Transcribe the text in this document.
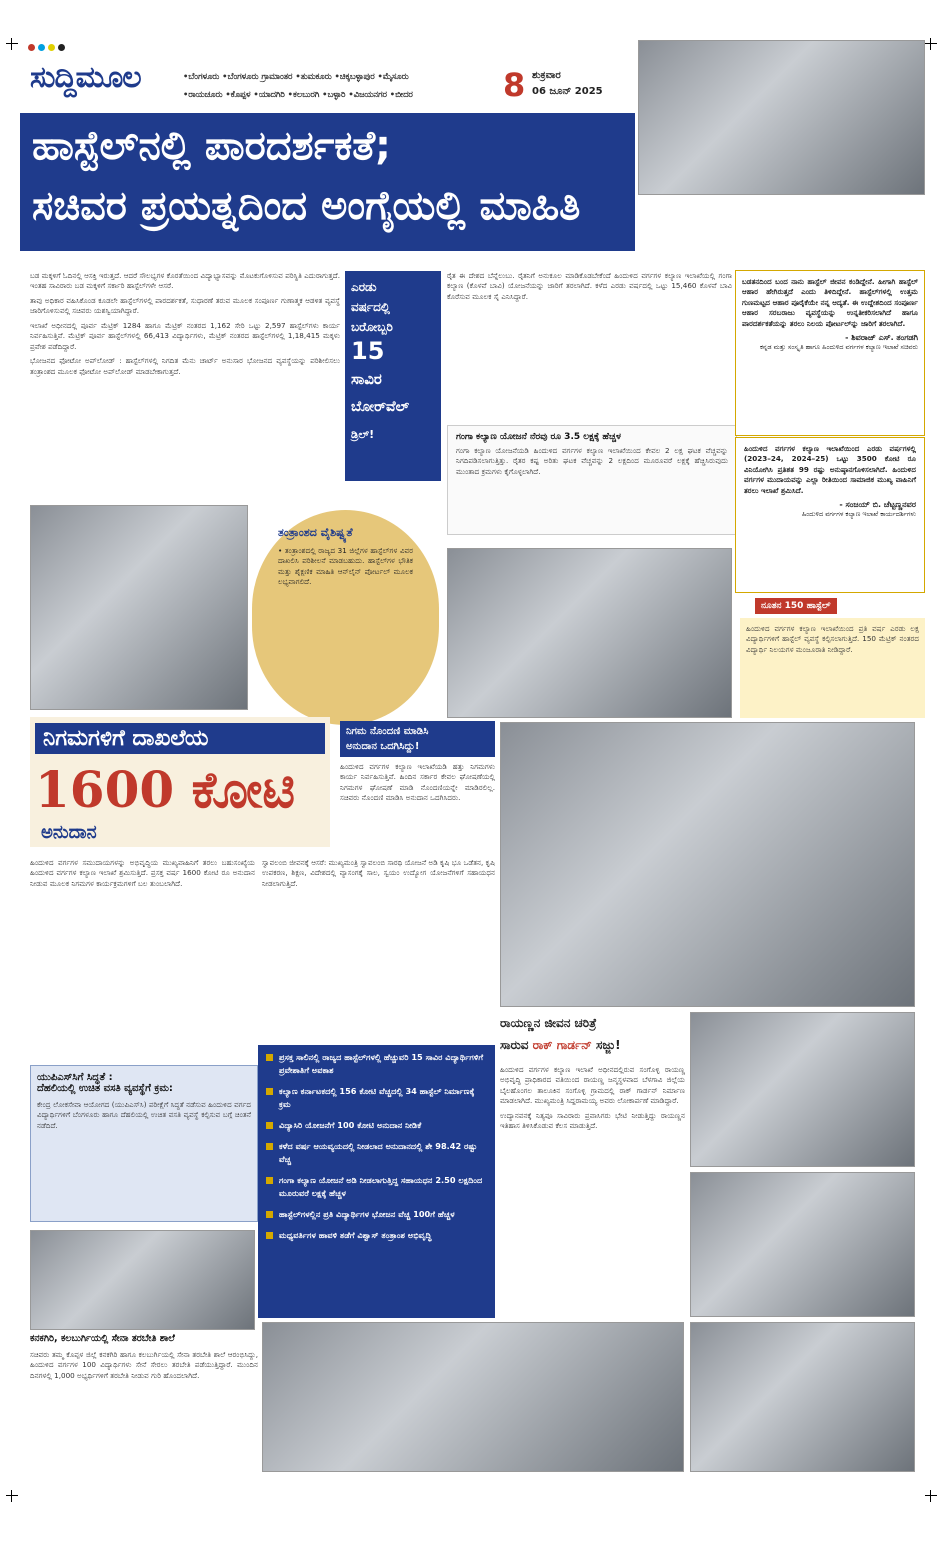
ಸುದ್ದಿಮೂಲ	•ಬೆಂಗಳೂರು •ಬೆಂಗಳೂರು ಗ್ರಾಮಾಂತರ •ತುಮಕೂರು •ಚಿಕ್ಕಬಳ್ಳಾಪುರ •ಮೈಸೂರು
•ರಾಯಚೂರು •ಕೊಪ್ಪಳ •ಯಾದಗಿರಿ •ಕಲಬುರಗಿ •ಬಳ್ಳಾರಿ •ವಿಜಯನಗರ •ಬೀದರ	8 ಶುಕ್ರವಾರ
06 ಜೂನ್ 2025
ಹಾಸ್ಟೆಲ್‌ನಲ್ಲಿ ಪಾರದರ್ಶಕತೆ;
ಸಚಿವರ ಪ್ರಯತ್ನದಿಂದ ಅಂಗೈಯಲ್ಲಿ ಮಾಹಿತಿ

ಬಡ ಮಕ್ಕಳಿಗೆ ಓದಿನಲ್ಲಿ ಆಸಕ್ತಿ ಇರುತ್ತದೆ. ಆದರೆ ಸೌಲಭ್ಯಗಳ ಕೊರತೆಯಿಂದ ವಿದ್ಯಾಭ್ಯಾಸವನ್ನು ಮೊಟಕುಗೊಳಿಸುವ ಪರಿಸ್ಥಿತಿ ಎದುರಾಗುತ್ತದೆ. ಇಂತಹ ಸಾವಿರಾರು ಬಡ ಮಕ್ಕಳಿಗೆ ಸರ್ಕಾರಿ ಹಾಸ್ಟೆಲ್‌ಗಳೇ ಆಸರೆ.

ತಾವು ಅಧಿಕಾರ ವಹಿಸಿಕೊಂಡ ಕೂಡಲೇ ಹಾಸ್ಟೆಲ್‌ಗಳಲ್ಲಿ ಪಾರದರ್ಶಕತೆ, ಸುಧಾರಣೆ ತರುವ ಮೂಲಕ ಸಂಪೂರ್ಣ ಗುಣಾತ್ಮಕ ಆಡಳಿತ ವ್ಯವಸ್ಥೆ ಜಾರಿಗೊಳಿಸುವಲ್ಲಿ ಸಚಿವರು ಯಶಸ್ವಿಯಾಗಿದ್ದಾರೆ.

ಇಲಾಖೆ ಅಧೀನದಲ್ಲಿ ಪೂರ್ವ ಮೆಟ್ರಿಕ್ 1284 ಹಾಗೂ ಮೆಟ್ರಿಕ್ ನಂತರದ 1,162 ಸೇರಿ ಒಟ್ಟು 2,597 ಹಾಸ್ಟೆಲ್‌ಗಳು ಕಾರ್ಯ ನಿರ್ವಹಿಸುತ್ತಿವೆ. ಮೆಟ್ರಿಕ್ ಪೂರ್ವ ಹಾಸ್ಟೆಲ್‌ಗಳಲ್ಲಿ 66,413 ವಿದ್ಯಾರ್ಥಿಗಳು, ಮೆಟ್ರಿಕ್ ನಂತರದ ಹಾಸ್ಟೆಲ್‌ಗಳಲ್ಲಿ 1,18,415 ಮಕ್ಕಳು ಪ್ರವೇಶ ಪಡೆದಿದ್ದಾರೆ.

ಭೋಜನದ ಫೋಟೋ ಅಪ್‌ಲೋಡ್ : ಹಾಸ್ಟೆಲ್‌ಗಳಲ್ಲಿ ನಿಗದಿತ ಮೆನು ಚಾರ್ಟ್ ಅನುಸಾರ ಭೋಜನದ ವ್ಯವಸ್ಥೆಯನ್ನು ಪರಿಶೀಲಿಸಲು ತಂತ್ರಾಂಶದ ಮೂಲಕ ಫೋಟೋ ಅಪ್‌ಲೋಡ್ ಮಾಡಬೇಕಾಗುತ್ತದೆ.

ಎರಡು
ವರ್ಷದಲ್ಲಿ
ಬರೋಬ್ಬರಿ
15
ಸಾವಿರ
ಬೋರ್‌ವೆಲ್
ಡ್ರಿಲ್!
ರೈತ ಈ ದೇಶದ ಬೆನ್ನೆಲುಬು. ರೈತನಿಗೆ ಅನುಕೂಲ ಮಾಡಿಕೊಡಬೇಕೆಂದೆ ಹಿಂದುಳಿದ ವರ್ಗಗಳ ಕಲ್ಯಾಣ ಇಲಾಖೆಯಲ್ಲಿ ಗಂಗಾ ಕಲ್ಯಾಣ (ಕೊಳವೆ ಬಾವಿ) ಯೋಜನೆಯನ್ನು ಜಾರಿಗೆ ತರಲಾಗಿದೆ. ಕಳೆದ ಎರಡು ವರ್ಷದಲ್ಲಿ ಒಟ್ಟು 15,460 ಕೊಳವೆ ಬಾವಿ ಕೊರೆಸುವ ಮೂಲಕ ಸೈ ಎನಿಸಿದ್ದಾರೆ.
ಗಂಗಾ ಕಲ್ಯಾಣ ಯೋಜನೆ ನೆರವು ರೂ 3.5 ಲಕ್ಷಕ್ಕೆ ಹೆಚ್ಚಳ
ಗಂಗಾ ಕಲ್ಯಾಣ ಯೋಜನೆಯಡಿ ಹಿಂದುಳಿದ ವರ್ಗಗಳ ಕಲ್ಯಾಣ ಇಲಾಖೆಯಿಂದ ಕೇವಲ 2 ಲಕ್ಷ ಘಟಕ ವೆಚ್ಚವನ್ನು ನಿಗದಿಪಡಿಸಲಾಗುತ್ತಿತ್ತು. ರೈತರ ಕಷ್ಟ ಅರಿತು ಘಟಕ ವೆಚ್ಚವನ್ನು 2 ಲಕ್ಷದಿಂದ ಮೂರೂವರೆ ಲಕ್ಷಕ್ಕೆ ಹೆಚ್ಚಿಸಿರುವುದು ಮುಂತಾದ ಕ್ರಮಗಳು ಕೈಗೊಳ್ಳಲಾಗಿದೆ.

ಬಡತನದಿಂದ ಬಂದ ನಾನು ಹಾಸ್ಟೆಲ್ ಜೀವನ ಕಂಡಿದ್ದೇನೆ. ಹೀಗಾಗಿ ಹಾಸ್ಟೆಲ್ ಆಹಾರ ಹೇಗಿರುತ್ತದೆ ಎಂದು ತಿಳಿದಿದ್ದೇನೆ. ಹಾಸ್ಟೆಲ್‌ಗಳಲ್ಲಿ ಉತ್ತಮ ಗುಣಮಟ್ಟದ ಆಹಾರ ಪೂರೈಕೆಯೇ ನನ್ನ ಆದ್ಯತೆ. ಈ ಉದ್ದೇಶದಿಂದ ಸಂಪೂರ್ಣ ಆಹಾರ ಸರಬರಾಜು ವ್ಯವಸ್ಥೆಯನ್ನು ಉನ್ನತೀಕರಿಸಲಾಗಿದೆ ಹಾಗೂ ಪಾರದರ್ಶಕತೆಯನ್ನು ತರಲು ನಿಲಯ ಪೋರ್ಟಲ್‌ನ್ನು ಜಾರಿಗೆ ತರಲಾಗಿದೆ.

- ಶಿವರಾಜ್ ಎಸ್. ತಂಗಡಗಿ

ಕನ್ನಡ ಮತ್ತು ಸಂಸ್ಕೃತಿ ಹಾಗೂ ಹಿಂದುಳಿದ ವರ್ಗಗಳ ಕಲ್ಯಾಣ ಇಲಾಖೆ ಸಚಿವರು

ಹಿಂದುಳಿದ ವರ್ಗಗಳ ಕಲ್ಯಾಣ ಇಲಾಖೆಯಿಂದ ಎರಡು ವರ್ಷಗಳಲ್ಲಿ (2023–24, 2024–25) ಒಟ್ಟು 3500 ಕೋಟಿ ರೂ ವಿನಿಯೋಗಿಸಿ ಪ್ರತಿಶತ 99 ರಷ್ಟು ಅನುಷ್ಠಾನಗೊಳಿಸಲಾಗಿದೆ. ಹಿಂದುಳಿದ ವರ್ಗಗಳ ಮುದಾಯವನ್ನು ಎಲ್ಲಾ ರೀತಿಯಿಂದ ಸಾಮಾಜಿಕ ಮುಖ್ಯ ವಾಹಿನಿಗೆ ತರಲು ಇಲಾಖೆ ಶ್ರಮಿಸಿದೆ.

- ಸಂಜಯ್ ಬಿ. ಚೆಟ್ಟಣ್ಣನವರ

ಹಿಂದುಳಿದ ವರ್ಗಗಳ ಕಲ್ಯಾಣ ಇಲಾಖೆ ಕಾರ್ಯದರ್ಶಿಗಳು

ನೂತನ 150 ಹಾಸ್ಟೆಲ್
ಹಿಂದುಳಿದ ವರ್ಗಗಳ ಕಲ್ಯಾಣ ಇಲಾಖೆಯಿಂದ ಪ್ರತಿ ವರ್ಷ ಎರಡು ಲಕ್ಷ ವಿದ್ಯಾರ್ಥಿಗಳಿಗೆ ಹಾಸ್ಟೆಲ್ ವ್ಯವಸ್ಥೆ ಕಲ್ಪಿಸಲಾಗುತ್ತಿದೆ. 150 ಮೆಟ್ರಿಕ್ ನಂತರದ ವಿದ್ಯಾರ್ಥಿ ನಿಲಯಗಳ ಮಂಜೂರಾತಿ ನೀಡಿದ್ದಾರೆ.
ತಂತ್ರಾಂಶದ ವೈಶಿಷ್ಟ್ಯತೆ
• ತಂತ್ರಾಂಶದಲ್ಲಿ ರಾಜ್ಯದ 31 ಜಿಲ್ಲೆಗಳ ಹಾಸ್ಟೆಲ್‌ಗಳ ವಿವರ ದಾಖಲಿಸಿ ಪರಿಶೀಲನೆ ಮಾಡಬಹುದು. ಹಾಸ್ಟೆಲ್‌ಗಳ ಭೌತಿಕ ಮತ್ತು ಶೈಕ್ಷಣಿಕ ಮಾಹಿತಿ ಆನ್‌ಲೈನ್ ಪೋರ್ಟಲ್ ಮೂಲಕ ಲಭ್ಯವಾಗಲಿದೆ.
ನಿಗಮಗಳಿಗೆ ದಾಖಲೆಯ
1600 ಕೋಟಿ
ಅನುದಾನ
ಹಿಂದುಳಿದ ವರ್ಗಗಳ ಸಮುದಾಯಗಳನ್ನು ಅಭಿವೃದ್ಧಿಯ ಮುಖ್ಯವಾಹಿನಿಗೆ ತರಲು ಬಹುಸಂಖ್ಯೆಯ ಹಿಂದುಳಿದ ವರ್ಗಗಳ ಕಲ್ಯಾಣ ಇಲಾಖೆ ಶ್ರಮಿಸುತ್ತಿದೆ. ಪ್ರಸಕ್ತ ವರ್ಷ 1600 ಕೋಟಿ ರೂ ಅನುದಾನ ನೀಡುವ ಮೂಲಕ ನಿಗಮಗಳ ಕಾರ್ಯಕ್ರಮಗಳಿಗೆ ಬಲ ತುಂಬಲಾಗಿದೆ.
ನಿಗಮ ನೊಂದಣಿ ಮಾಡಿಸಿ
ಅನುದಾನ ಒದಗಿಸಿದ್ದು!
ಹಿಂದುಳಿದ ವರ್ಗಗಳ ಕಲ್ಯಾಣ ಇಲಾಖೆಯಡಿ ಹತ್ತು ನಿಗಮಗಳು ಕಾರ್ಯ ನಿರ್ವಹಿಸುತ್ತಿವೆ. ಹಿಂದಿನ ಸರ್ಕಾರ ಕೇವಲ ಘೋಷಣೆಯಲ್ಲಿ ನಿಗಮಗಳ ಘೋಷಣೆ ಮಾಡಿ ನೊಂದಣಿಯನ್ನೇ ಮಾಡಿರಲಿಲ್ಲ. ಸಚಿವರು ನೊಂದಣಿ ಮಾಡಿಸಿ ಅನುದಾನ ಒದಗಿಸಿದರು.
ಸ್ವಾವಲಂಬಿ ಜೀವನಕ್ಕೆ ಆಸರೆ: ಮುಖ್ಯಮಂತ್ರಿ ಸ್ವಾವಲಂಬಿ ಸಾರಥಿ ಯೋಜನೆ ಅಡಿ ಕೃಷಿ ಭೂ ಒಡೆತನ, ಕೃಷಿ ಉಪಕರಣ, ಶಿಕ್ಷಣ, ವಿದೇಶದಲ್ಲಿ ವ್ಯಾಸಂಗಕ್ಕೆ ಸಾಲ, ಸ್ವಯಂ ಉದ್ಯೋಗ ಯೋಜನೆಗಳಿಗೆ ಸಹಾಯಧನ ನೀಡಲಾಗುತ್ತಿದೆ.
ರಾಯಣ್ಣನ ಜೀವನ ಚರಿತ್ರೆ
ಸಾರುವ ರಾಕ್ ಗಾರ್ಡನ್ ಸಜ್ಜು!

ಹಿಂದುಳಿದ ವರ್ಗಗಳ ಕಲ್ಯಾಣ ಇಲಾಖೆ ಅಧೀನದಲ್ಲಿರುವ ಸಂಗೊಳ್ಳಿ ರಾಯಣ್ಣ ಅಭಿವೃದ್ಧಿ ಪ್ರಾಧಿಕಾರದ ವತಿಯಿಂದ ರಾಯಣ್ಣ ಜನ್ಮಸ್ಥಳವಾದ ಬೆಳಗಾವಿ ಜಿಲ್ಲೆಯ ಬೈಲಹೊಂಗಲ ತಾಲೂಕಿನ ಸಂಗೊಳ್ಳಿ ಗ್ರಾಮದಲ್ಲಿ ರಾಕ್ ಗಾರ್ಡನ್ ನಿರ್ಮಾಣ ಮಾಡಲಾಗಿದೆ. ಮುಖ್ಯಮಂತ್ರಿ ಸಿದ್ದರಾಮಯ್ಯ ಅವರು ಲೋಕಾರ್ಪಣೆ ಮಾಡಿದ್ದಾರೆ.

ಉದ್ಯಾನವನಕ್ಕೆ ನಿತ್ಯವೂ ಸಾವಿರಾರು ಪ್ರವಾಸಿಗರು ಭೇಟಿ ನೀಡುತ್ತಿದ್ದು ರಾಯಣ್ಣನ ಇತಿಹಾಸ ತಿಳಿಸಿಕೊಡುವ ಕೆಲಸ ಮಾಡುತ್ತಿದೆ.

ಪ್ರಸಕ್ತ ಸಾಲಿನಲ್ಲಿ ರಾಜ್ಯದ ಹಾಸ್ಟೆಲ್‌ಗಳಲ್ಲಿ ಹೆಚ್ಚುವರಿ 15 ಸಾವಿರ ವಿದ್ಯಾರ್ಥಿಗಳಿಗೆ ಪ್ರವೇಶಾತಿಗೆ ಅವಕಾಶ
ಕಲ್ಯಾಣ ಕರ್ನಾಟಕದಲ್ಲಿ 156 ಕೋಟಿ ವೆಚ್ಚದಲ್ಲಿ 34 ಹಾಸ್ಟೆಲ್ ನಿರ್ಮಾಣಕ್ಕೆ ಕ್ರಮ
ವಿದ್ಯಾಸಿರಿ ಯೋಜನೆಗೆ 100 ಕೋಟಿ ಅನುದಾನ ನೀಡಿಕೆ
ಕಳೆದ ವರ್ಷ ಆಯವ್ಯಯದಲ್ಲಿ ನೀಡಲಾದ ಅನುದಾನದಲ್ಲಿ ಶೇ 98.42 ರಷ್ಟು ವೆಚ್ಚ
ಗಂಗಾ ಕಲ್ಯಾಣ ಯೋಜನೆ ಅಡಿ ನೀಡಲಾಗುತ್ತಿದ್ದ ಸಹಾಯಧನ 2.50 ಲಕ್ಷದಿಂದ ಮೂರುವರೆ ಲಕ್ಷಕ್ಕೆ ಹೆಚ್ಚಳ
ಹಾಸ್ಟೆಲ್‌ಗಳಲ್ಲಿನ ಪ್ರತಿ ವಿದ್ಯಾರ್ಥಿಗಳ ಭೋಜನ ವೆಚ್ಚ 100ಗೆ ಹೆಚ್ಚಳ
ಮಧ್ಯವರ್ತಿಗಳ ಹಾವಳಿ ತಡೆಗೆ ವಿಶ್ವಾಸ್ ತಂತ್ರಾಂಶ ಅಭಿವೃದ್ಧಿ
ಯುಪಿಎಸ್‌ಸಿಗೆ ಸಿದ್ಧತೆ :
ದೆಹಲಿಯಲ್ಲಿ ಉಚಿತ ವಸತಿ ವ್ಯವಸ್ಥೆಗೆ ಕ್ರಮ:
ಕೇಂದ್ರ ಲೋಕಸೇವಾ ಆಯೋಗದ (ಯುಪಿಎಸ್‌ಸಿ) ಪರೀಕ್ಷೆಗೆ ಸಿದ್ಧತೆ ನಡೆಸುವ ಹಿಂದುಳಿದ ವರ್ಗದ ವಿದ್ಯಾರ್ಥಿಗಳಿಗೆ ಬೆಂಗಳೂರು ಹಾಗೂ ದೆಹಲಿಯಲ್ಲಿ ಉಚಿತ ವಸತಿ ವ್ಯವಸ್ಥೆ ಕಲ್ಪಿಸುವ ಬಗ್ಗೆ ಚಿಂತನೆ ನಡೆದಿದೆ.
ಕನಕಗಿರಿ, ಕಲಬುರ್ಗಿಯಲ್ಲಿ ಸೇನಾ ತರಬೇತಿ ಶಾಲೆ
ಸಚಿವರು ತಮ್ಮ ಕೊಪ್ಪಳ ಜಿಲ್ಲೆ ಕನಕಗಿರಿ ಹಾಗೂ ಕಲಬುರ್ಗಿಯಲ್ಲಿ ಸೇನಾ ತರಬೇತಿ ಶಾಲೆ ಆರಂಭಿಸಿದ್ದು, ಹಿಂದುಳಿದ ವರ್ಗಗಳ 100 ವಿದ್ಯಾರ್ಥಿಗಳು ಸೇನೆ ಸೇರಲು ತರಬೇತಿ ಪಡೆಯುತ್ತಿದ್ದಾರೆ. ಮುಂದಿನ ದಿನಗಳಲ್ಲಿ 1,000 ಅಭ್ಯರ್ಥಿಗಳಿಗೆ ತರಬೇತಿ ನೀಡುವ ಗುರಿ ಹೊಂದಲಾಗಿದೆ.
